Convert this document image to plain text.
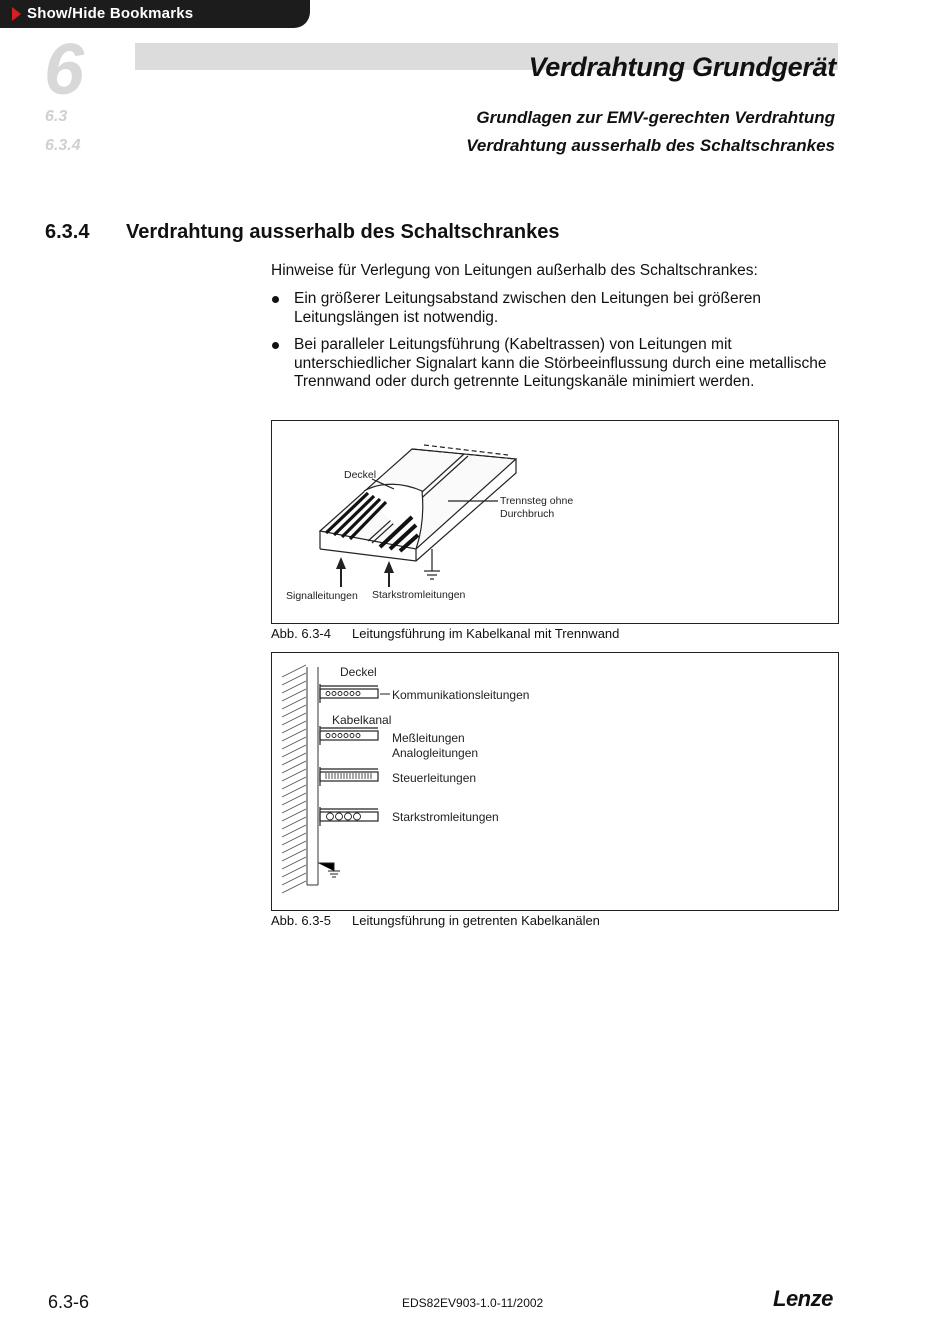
Show/Hide Bookmarks
6
6.3
6.3.4
Verdrahtung Grundgerät
Grundlagen zur EMV-gerechten Verdrahtung
Verdrahtung ausserhalb des Schaltschrankes
6.3.4 Verdrahtung ausserhalb des Schaltschrankes
Hinweise für Verlegung von Leitungen außerhalb des Schaltschrankes:
Ein größerer Leitungsabstand zwischen den Leitungen bei größeren Leitungslängen ist notwendig.
Bei paralleler Leitungsführung (Kabeltrassen) von Leitungen mit unterschiedlicher Signalart kann die Störbeeinflussung durch eine metallische Trennwand oder durch getrennte Leitungskanäle minimiert werden.
Deckel
Trennsteg ohne
Durchbruch
Signalleitungen Starkstromleitungen
Abb. 6.3-4 Leitungsführung im Kabelkanal mit Trennwand
Deckel
Kommunikationsleitungen
Kabelkanal
Meßleitungen
Analogleitungen
Steuerleitungen
Starkstromleitungen
Abb. 6.3-5 Leitungsführung in getrenten Kabelkanälen
6.3-6	EDS82EV903-1.0-11/2002	Lenze
